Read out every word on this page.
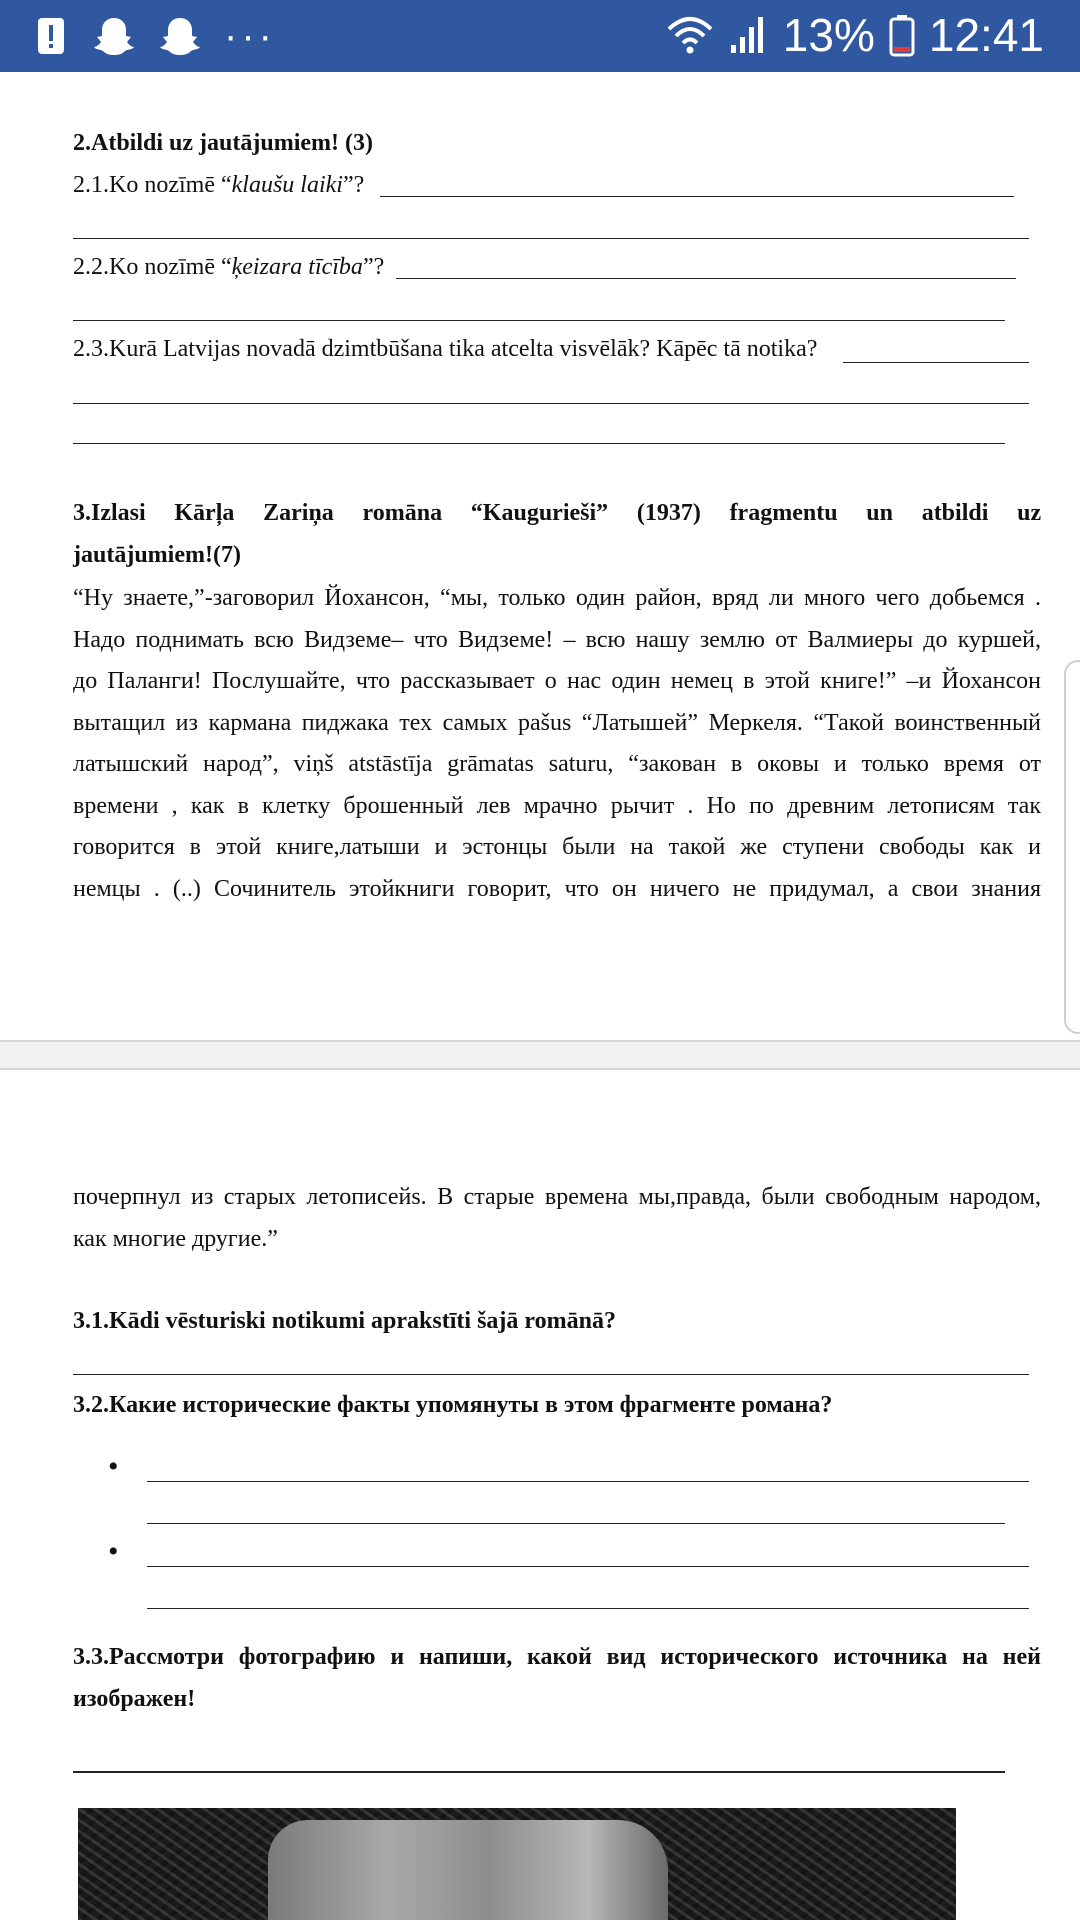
···	13% 12:41
2.Atbildi uz jautājumiem! (3)
2.1.Ko nozīmē “klaušu laiki”?
2.2.Ko nozīmē “ķeizara tīcība”?
2.3.Kurā Latvijas novadā dzimtbūšana tika atcelta visvēlāk? Kāpēc tā notika?
3.Izlasi Kārļa Zariņa romāna “Kaugurieši” (1937) fragmentu un atbildi uz
jautājumiem!(7)
“Ну знаете,”-заговорил Йохансон, “мы, только один район, вряд ли много чего добьемся .
Надо поднимать всю Видземе– что Видземе! – всю нашу землю от Валмиеры до куршей,
до Паланги! Послушайте, что рассказывает о нас один немец в этой книге!” –и Йохансон
вытащил из кармана пиджака тех самых pašus “Латышей” Меркеля. “Такой воинственный
латышский народ”, viņš atstāstīja grāmatas saturu, “закован в оковы и только время от
времени , как в клетку брошенный лев мрачно рычит . Но по древним летописям так
говорится в этой книге,латыши и эстонцы были на такой же ступени свободы как и
немцы . (..) Сочинитель этойкниги говорит, что он ничего не придумал, а свои знания
почерпнул из старых летописейs. В старые времена мы,правда, были свободным народом,
как многие другие.”
3.1.Kādi vēsturiski notikumi aprakstīti šajā romānā?
3.2.Какие исторические факты упомянуты в этом фрагменте романа?
•
•
3.3.Рассмотри фотографию и напиши, какой вид исторического источника на ней
изображен!
